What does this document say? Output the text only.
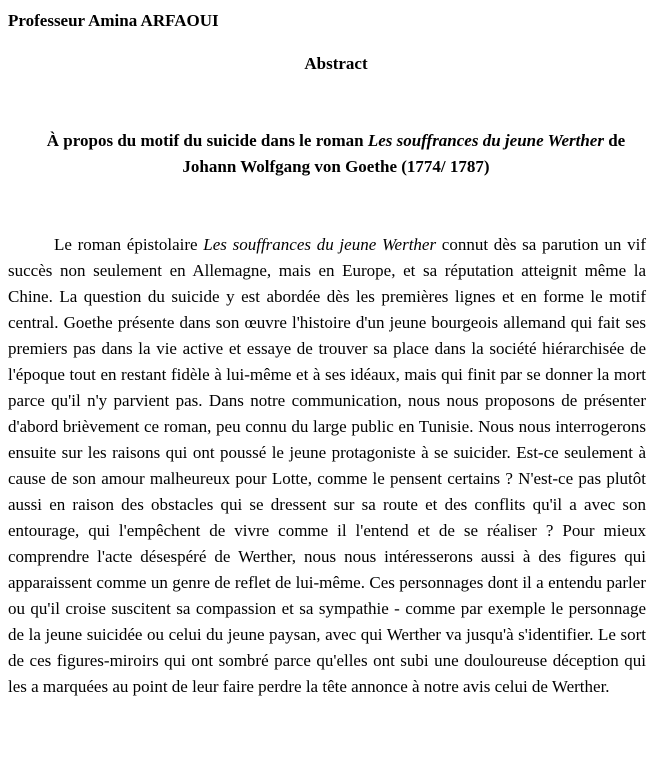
Professeur Amina ARFAOUI

Abstract

À propos du motif du suicide dans le roman Les souffrances du jeune Werther de Johann Wolfgang von Goethe (1774/ 1787)

Le roman épistolaire Les souffrances du jeune Werther connut dès sa parution un vif succès non seulement en Allemagne, mais en Europe, et sa réputation atteignit même la Chine. La question du suicide y est abordée dès les premières lignes et en forme le motif central. Goethe présente dans son œuvre l'histoire d'un jeune bourgeois allemand qui fait ses premiers pas dans la vie active et essaye de trouver sa place dans la société hiérarchisée de l'époque tout en restant fidèle à lui-même et à ses idéaux, mais qui finit par se donner la mort parce qu'il n'y parvient pas. Dans notre communication, nous nous proposons de présenter d'abord brièvement ce roman, peu connu du large public en Tunisie. Nous nous interrogerons ensuite sur les raisons qui ont poussé le jeune protagoniste à se suicider. Est-ce seulement à cause de son amour malheureux pour Lotte, comme le pensent certains ? N'est-ce pas plutôt aussi en raison des obstacles qui se dressent sur sa route et des conflits qu'il a avec son entourage, qui l'empêchent de vivre comme il l'entend et de se réaliser ? Pour mieux comprendre l'acte désespéré de Werther, nous nous intéresserons aussi à des figures qui apparaissent comme un genre de reflet de lui-même. Ces personnages dont il a entendu parler ou qu'il croise suscitent sa compassion et sa sympathie - comme par exemple le personnage de la jeune suicidée ou celui du jeune paysan, avec qui Werther va jusqu'à s'identifier. Le sort de ces figures-miroirs qui ont sombré parce qu'elles ont subi une douloureuse déception qui les a marquées au point de leur faire perdre la tête annonce à notre avis celui de Werther.
